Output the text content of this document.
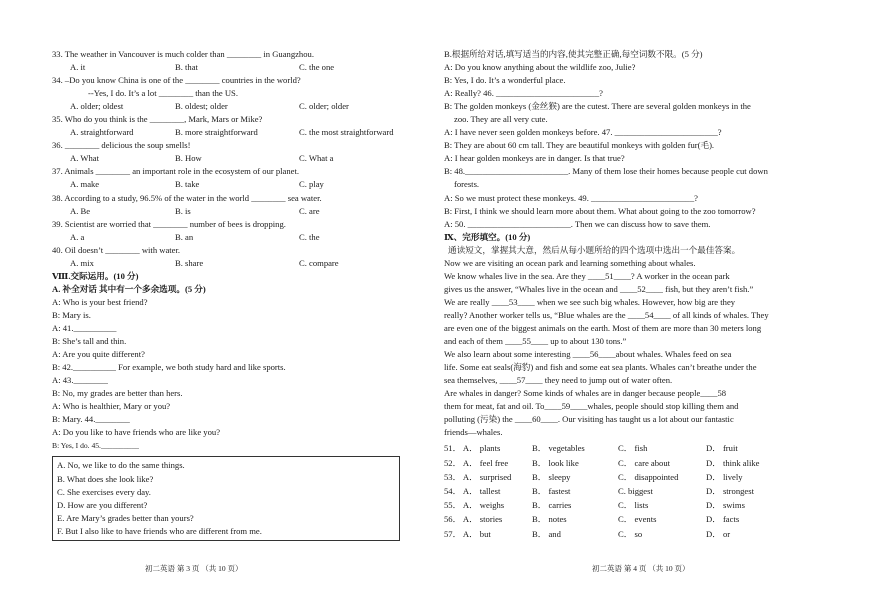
33. The weather in Vancouver is much colder than ________ in Guangzhou.
A. it	B. that	C. the one
34. –Do you know China is one of the ________ countries in the world?
--Yes, I do. It’s a lot ________ than the US.
A. older; oldest	B. oldest; older	C. older; older
35. Who do you think is the ________, Mark, Mars or Mike?
A. straightforward	B. more straightforward	C. the most straightforward
36. ________ delicious the soup smells!
A. What	B. How	C. What a
37. Animals ________ an important role in the ecosystem of our planet.
A. make	B. take	C. play
38. According to a study, 96.5% of the water in the world ________ sea water.
A. Be	B. is	C. are
39. Scientist are worried that ________ number of bees is dropping.
A. a	B. an	C. the
40. Oil doesn’t ________ with water.
A. mix	B. share	C. compare
Ⅷ.交际运用。(10 分)
A. 补全对话 其中有一个多余选项。(5 分)
A: Who is your best friend?
B: Mary is.
A: 41.__________
B: She’s tall and thin.
A: Are you quite different?
B: 42.__________ For example, we both study hard and like sports.
A: 43.________
B: No, my grades are better than hers.
A: Who is healthier, Mary or you?
B: Mary. 44.________
A: Do you like to have friends who are like you?
B: Yes, I do. 45.__________
A. No, we like to do the same things.
B. What does she look like?
C. She exercises every day.
D. How are you different?
E. Are Mary’s grades better than yours?
F. But I also like to have friends who are different from me.
B.根据所给对话,填写适当的内容,使其完整正确,每空词数不限。(5 分)
A: Do you know anything about the wildlife zoo, Julie?
B: Yes, I do. It’s a wonderful place.
A: Really? 46. ________________________?
B: The golden monkeys (金丝猴) are the cutest. There are several golden monkeys in the
zoo. They are all very cute.
A: I have never seen golden monkeys before. 47. ________________________?
B: They are about 60 cm tall. They are beautiful monkeys with golden fur(毛).
A: I hear golden monkeys are in danger. Is that true?
B: 48.________________________. Many of them lose their homes because people cut down
forests.
A: So we must protect these monkeys. 49. ________________________?
B: First, I think we should learn more about them. What about going to the zoo tomorrow?
A: 50. ________________________. Then we can discuss how to save them.
Ⅸ、完形填空。(10 分)
通读短文，掌握其大意，然后从每小题所给的四个选项中选出一个最佳答案。
Now we are visiting an ocean park and learning something about whales.
We know whales live in the sea. Are they ____51____? A worker in the ocean park
gives us the answer, “Whales live in the ocean and ____52____ fish, but they aren’t fish.”
We are really ____53____ when we see such big whales. However, how big are they
really? Another worker tells us, “Blue whales are the ____54____ of all kinds of whales. They
are even one of the biggest animals on the earth. Most of them are more than 30 meters long
and each of them ____55____ up to about 130 tons.”
We also learn about some interesting ____56____about whales. Whales feed on sea
life. Some eat seals(海豹) and fish and some eat sea plants. Whales can’t breathe under the
sea themselves, ____57____ they need to jump out of water often.
Are whales in danger? Some kinds of whales are in danger because people____58
them for meat, fat and oil. To____59____whales, people should stop killing them and
polluting (污染) the ____60____. Our visiting has taught us a lot about our fantastic
friends—whales.
51． A． plants	B． vegetables	C． fish	D． fruit
52． A． feel free	B． look like	C． care about	D． think alike
53． A． surprised	B． sleepy	C． disappointed	D． lively
54． A． tallest	B． fastest	C. biggest	D． strongest
55． A． weighs	B． carries	C． lists	D． swims
56． A． stories	B． notes	C． events	D． facts
57． A． but	B． and	C． so	D． or
初二英语 第 3 页 （共 10 页）	初二英语 第 4 页 （共 10 页）
